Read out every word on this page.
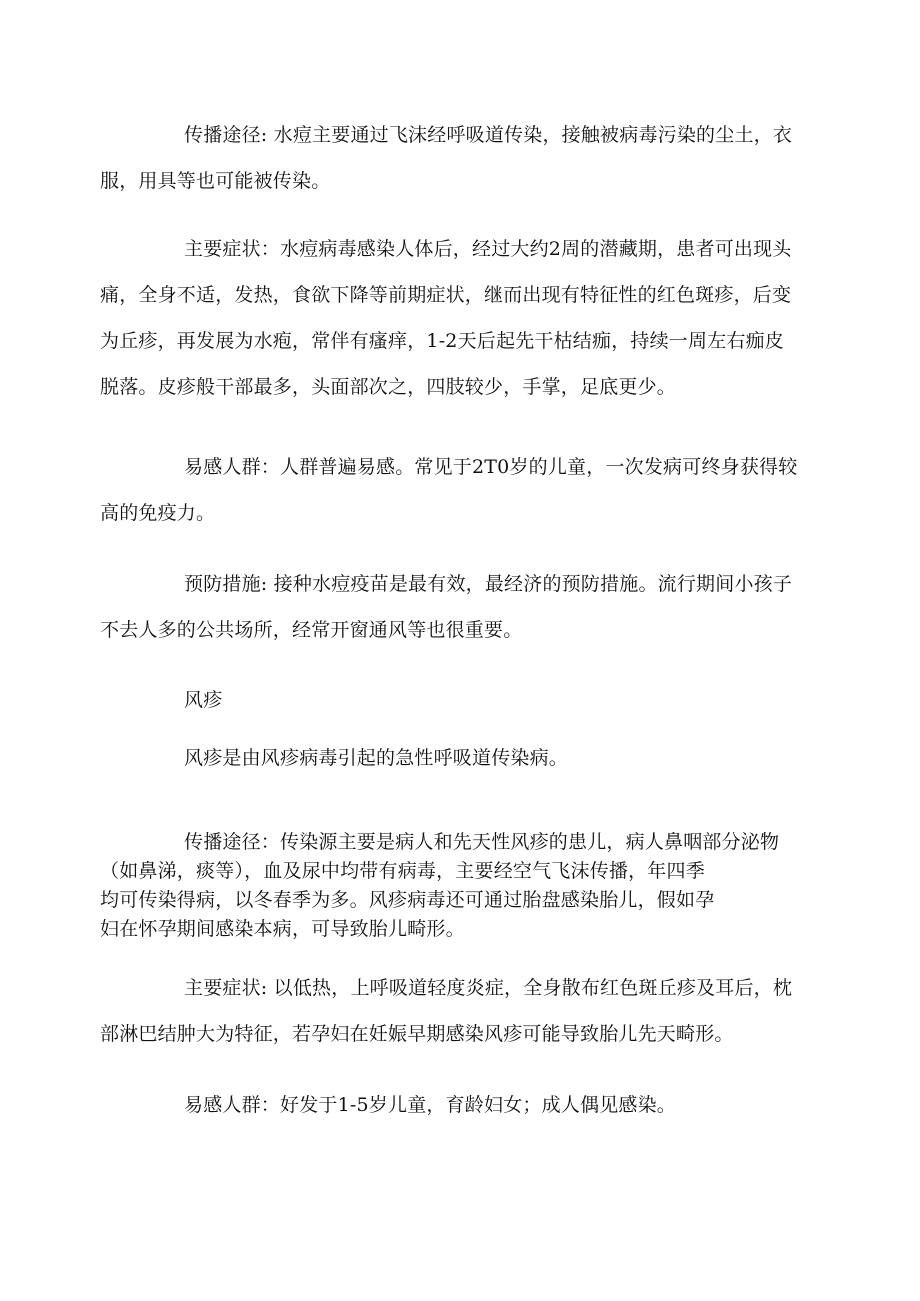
传播途径: 水痘主要通过飞沫经呼吸道传染，接触被病毒污染的尘土，衣
服，用具等也可能被传染。
主要症状：水痘病毒感染人体后，经过大约2周的潜藏期，患者可出现头
痛，全身不适，发热，食欲下降等前期症状，继而出现有特征性的红色斑疹，后变
为丘疹，再发展为水疱，常伴有瘙痒，1-2天后起先干枯结痂，持续一周左右痂皮
脱落。皮疹般干部最多，头面部次之，四肢较少，手掌，足底更少。
易感人群：人群普遍易感。常见于2T0岁的儿童，一次发病可终身获得较
高的免疫力。
预防措施: 接种水痘疫苗是最有效，最经济的预防措施。流行期间小孩子
不去人多的公共场所，经常开窗通风等也很重要。
风疹
风疹是由风疹病毒引起的急性呼吸道传染病。
传播途径：传染源主要是病人和先天性风疹的患儿，病人鼻咽部分泌物
（如鼻涕，痰等），血及尿中均带有病毒，主要经空气飞沫传播，年四季
均可传染得病，以冬春季为多。风疹病毒还可通过胎盘感染胎儿，假如孕
妇在怀孕期间感染本病，可导致胎儿畸形。
主要症状: 以低热，上呼吸道轻度炎症，全身散布红色斑丘疹及耳后，枕
部淋巴结肿大为特征，若孕妇在妊娠早期感染风疹可能导致胎儿先天畸形。
易感人群：好发于1-5岁儿童，育龄妇女；成人偶见感染。
